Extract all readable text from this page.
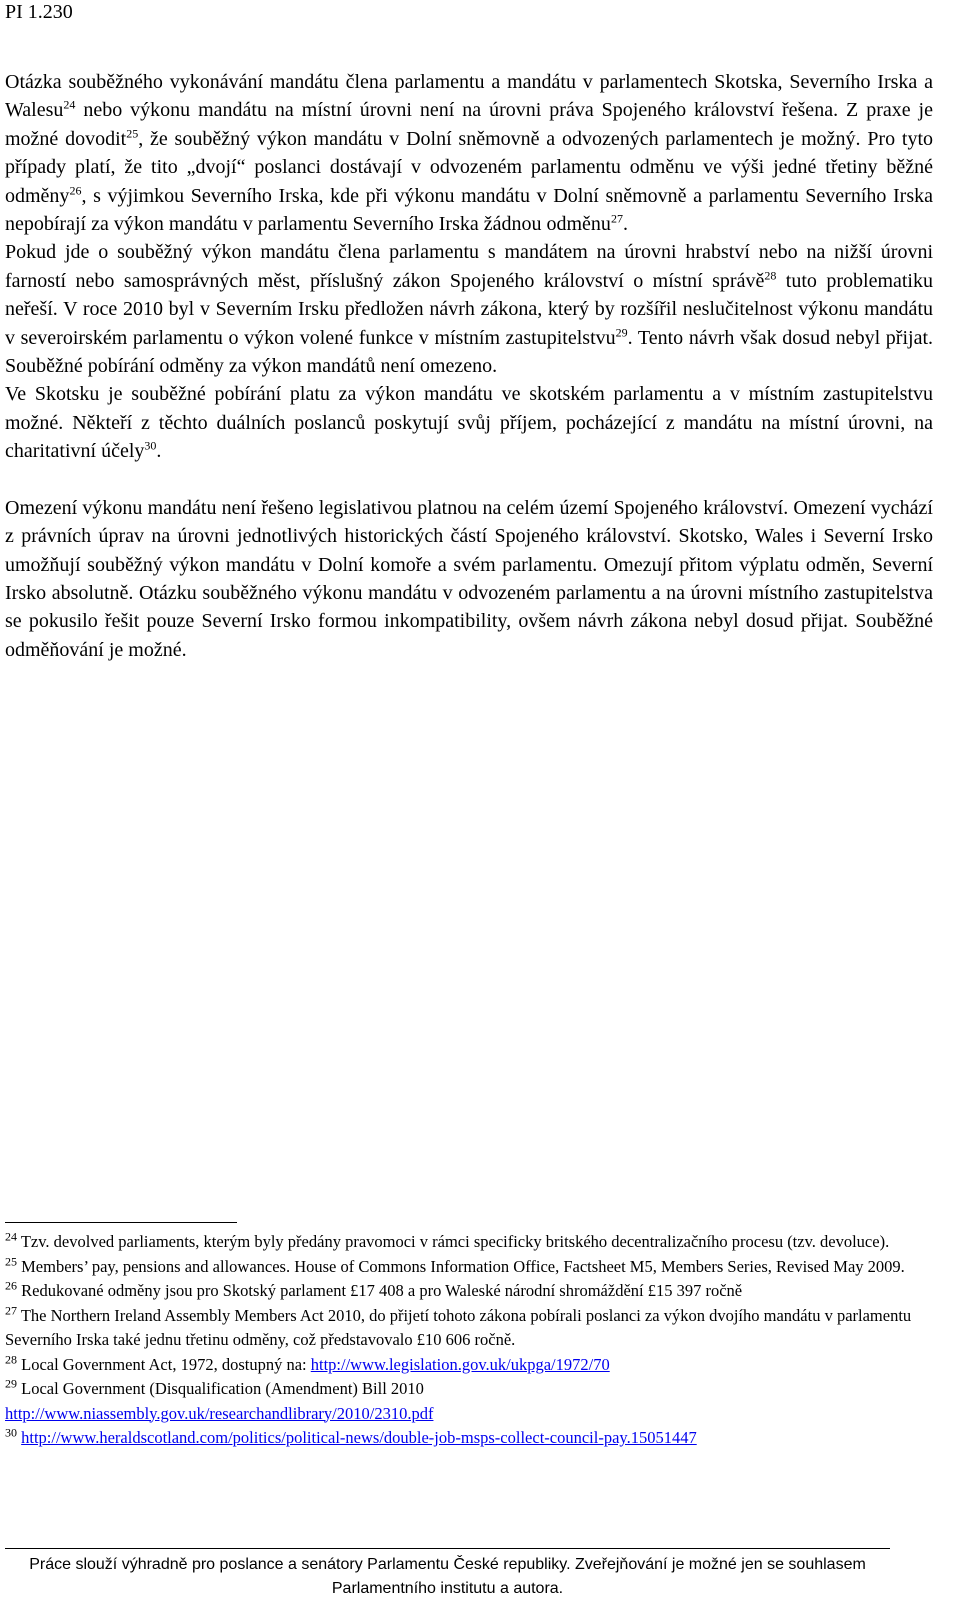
PI 1.230

Otázka souběžného vykonávání mandátu člena parlamentu a mandátu v parlamentech Skotska, Severního Irska a Walesu$^{24}$ nebo výkonu mandátu na místní úrovni není na úrovni práva Spojeného království řešena. Z praxe je možné dovodit$^{25}$, že souběžný výkon mandátu v Dolní sněmovně a odvozených parlamentech je možný. Pro tyto případy platí, že tito „dvojí“ poslanci dostávají v odvozeném parlamentu odměnu ve výši jedné třetiny běžné odměny$^{26}$, s výjimkou Severního Irska, kde při výkonu mandátu v Dolní sněmovně a parlamentu Severního Irska nepobírají za výkon mandátu v parlamentu Severního Irska žádnou odměnu$^{27}$.

Pokud jde o souběžný výkon mandátu člena parlamentu s mandátem na úrovni hrabství nebo na nižší úrovni farností nebo samosprávných měst, příslušný zákon Spojeného království o místní správě$^{28}$ tuto problematiku neřeší. V roce 2010 byl v Severním Irsku předložen návrh zákona, který by rozšířil neslučitelnost výkonu mandátu v severoirském parlamentu o výkon volené funkce v místním zastupitelstvu$^{29}$. Tento návrh však dosud nebyl přijat. Souběžné pobírání odměny za výkon mandátů není omezeno.

Ve Skotsku je souběžné pobírání platu za výkon mandátu ve skotském parlamentu a v místním zastupitelstvu možné. Někteří z těchto duálních poslanců poskytují svůj příjem, pocházející z mandátu na místní úrovni, na charitativní účely$^{30}$.

Omezení výkonu mandátu není řešeno legislativou platnou na celém území Spojeného království. Omezení vychází z právních úprav na úrovni jednotlivých historických částí Spojeného království. Skotsko, Wales i Severní Irsko umožňují souběžný výkon mandátu v Dolní komoře a svém parlamentu. Omezují přitom výplatu odměn, Severní Irsko absolutně. Otázku souběžného výkonu mandátu v odvozeném parlamentu a na úrovni místního zastupitelstva se pokusilo řešit pouze Severní Irsko formou inkompatibility, ovšem návrh zákona nebyl dosud přijat. Souběžné odměňování je možné.

$^{24}$ Tzv. devolved parliaments, kterým byly předány pravomoci v rámci specificky britského decentralizačního procesu (tzv. devoluce).

$^{25}$ Members’ pay, pensions and allowances. House of Commons Information Office, Factsheet M5, Members Series, Revised May 2009.

$^{26}$ Redukované odměny jsou pro Skotský parlament £17 408 a pro Waleské národní shromáždění £15 397 ročně

$^{27}$ The Northern Ireland Assembly Members Act 2010, do přijetí tohoto zákona pobírali poslanci za výkon dvojího mandátu v parlamentu Severního Irska také jednu třetinu odměny, což představovalo £10 606 ročně.

$^{28}$ Local Government Act, 1972, dostupný na: http://www.legislation.gov.uk/ukpga/1972/70

$^{29}$ Local Government (Disqualification (Amendment) Bill 2010
http://www.niassembly.gov.uk/researchandlibrary/2010/2310.pdf

$^{30}$ http://www.heraldscotland.com/politics/political-news/double-job-msps-collect-council-pay.15051447

Práce slouží výhradně pro poslance a senátory Parlamentu České republiky. Zveřejňování je možné jen se souhlasem Parlamentního institutu a autora.
